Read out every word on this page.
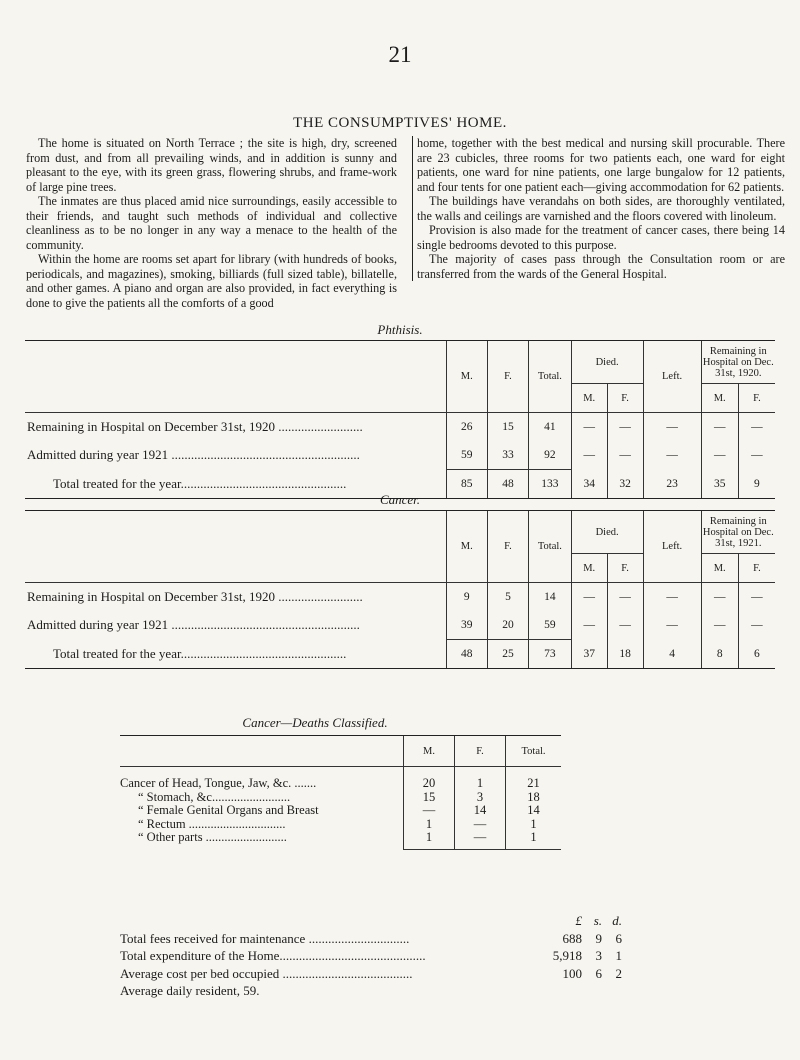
21
THE CONSUMPTIVES' HOME.

The home is situated on North Terrace ; the site is high, dry, screened from dust, and from all prevailing winds, and in addition is sunny and pleasant to the eye, with its green grass, flowering shrubs, and frame-work of large pine trees.

The inmates are thus placed amid nice surroundings, easily accessible to their friends, and taught such methods of individual and collective cleanliness as to be no longer in any way a menace to the health of the community.

Within the home are rooms set apart for library (with hundreds of books, periodicals, and magazines), smoking, billiards (full sized table), billatelle, and other games. A piano and organ are also provided, in fact everything is done to give the patients all the comforts of a good

home, together with the best medical and nursing skill procurable. There are 23 cubicles, three rooms for two patients each, one ward for eight patients, one ward for nine patients, one large bungalow for 12 patients, and four tents for one patient each—giving accommodation for 62 patients.

The buildings have verandahs on both sides, are thoroughly ventilated, the walls and ceilings are varnished and the floors covered with linoleum.

Provision is also made for the treatment of cancer cases, there being 14 single bedrooms devoted to this purpose.

The majority of cases pass through the Consultation room or are transferred from the wards of the General Hospital.

Phthisis.
	M.	F.	Total.	Died.		Left.	Remaining in Hospital on Dec. 31st, 1920.	
				M.	F.		M.	F.
Remaining in Hospital on December 31st, 1920 ..........................	26	15	41	—	—	—	—	—
Admitted during year 1921 ..........................................................	59	33	92	—	—	—	—	—
Total treated for the year...................................................	85	48	133	34	32	23	35	9
Cancer.
	M.	F.	Total.	Died.		Left.	Remaining in Hospital on Dec. 31st, 1921.	
				M.	F.		M.	F.
Remaining in Hospital on December 31st, 1920 ..........................	9	5	14	—	—	—	—	—
Admitted during year 1921 ..........................................................	39	20	59	—	—	—	—	—
Total treated for the year...................................................	48	25	73	37	18	4	8	6
Cancer—Deaths Classified.
	M.	F.	Total.

Cancer of Head, Tongue, Jaw, &c. .......	20	1	21
“ Stomach, &c.........................	15	3	18
“ Female Genital Organs and Breast	—	14	14
“ Rectum ...............................	1	—	1
“ Other parts ..........................	1	—	1
£ s. d.
Total fees received for maintenance ...............................	688	9	6
Total expenditure of the Home.............................................	5,918	3	1
Average cost per bed occupied ........................................	100	6	2
Average daily resident, 59.
